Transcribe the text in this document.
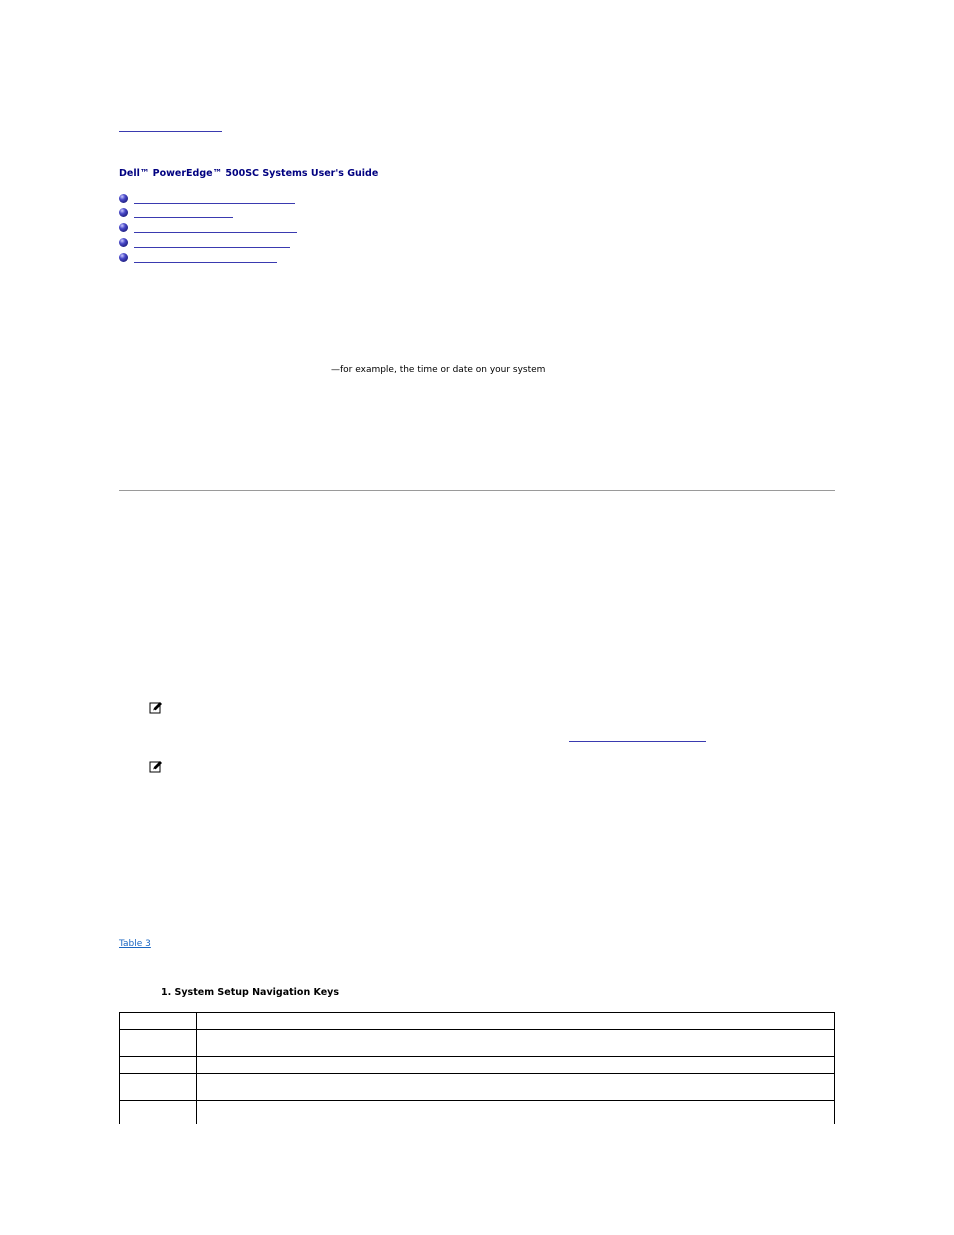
Dell™ PowerEdge™ 500SC Systems User's Guide
—for example, the time or date on your system
Table 3
1. System Setup Navigation Keys
